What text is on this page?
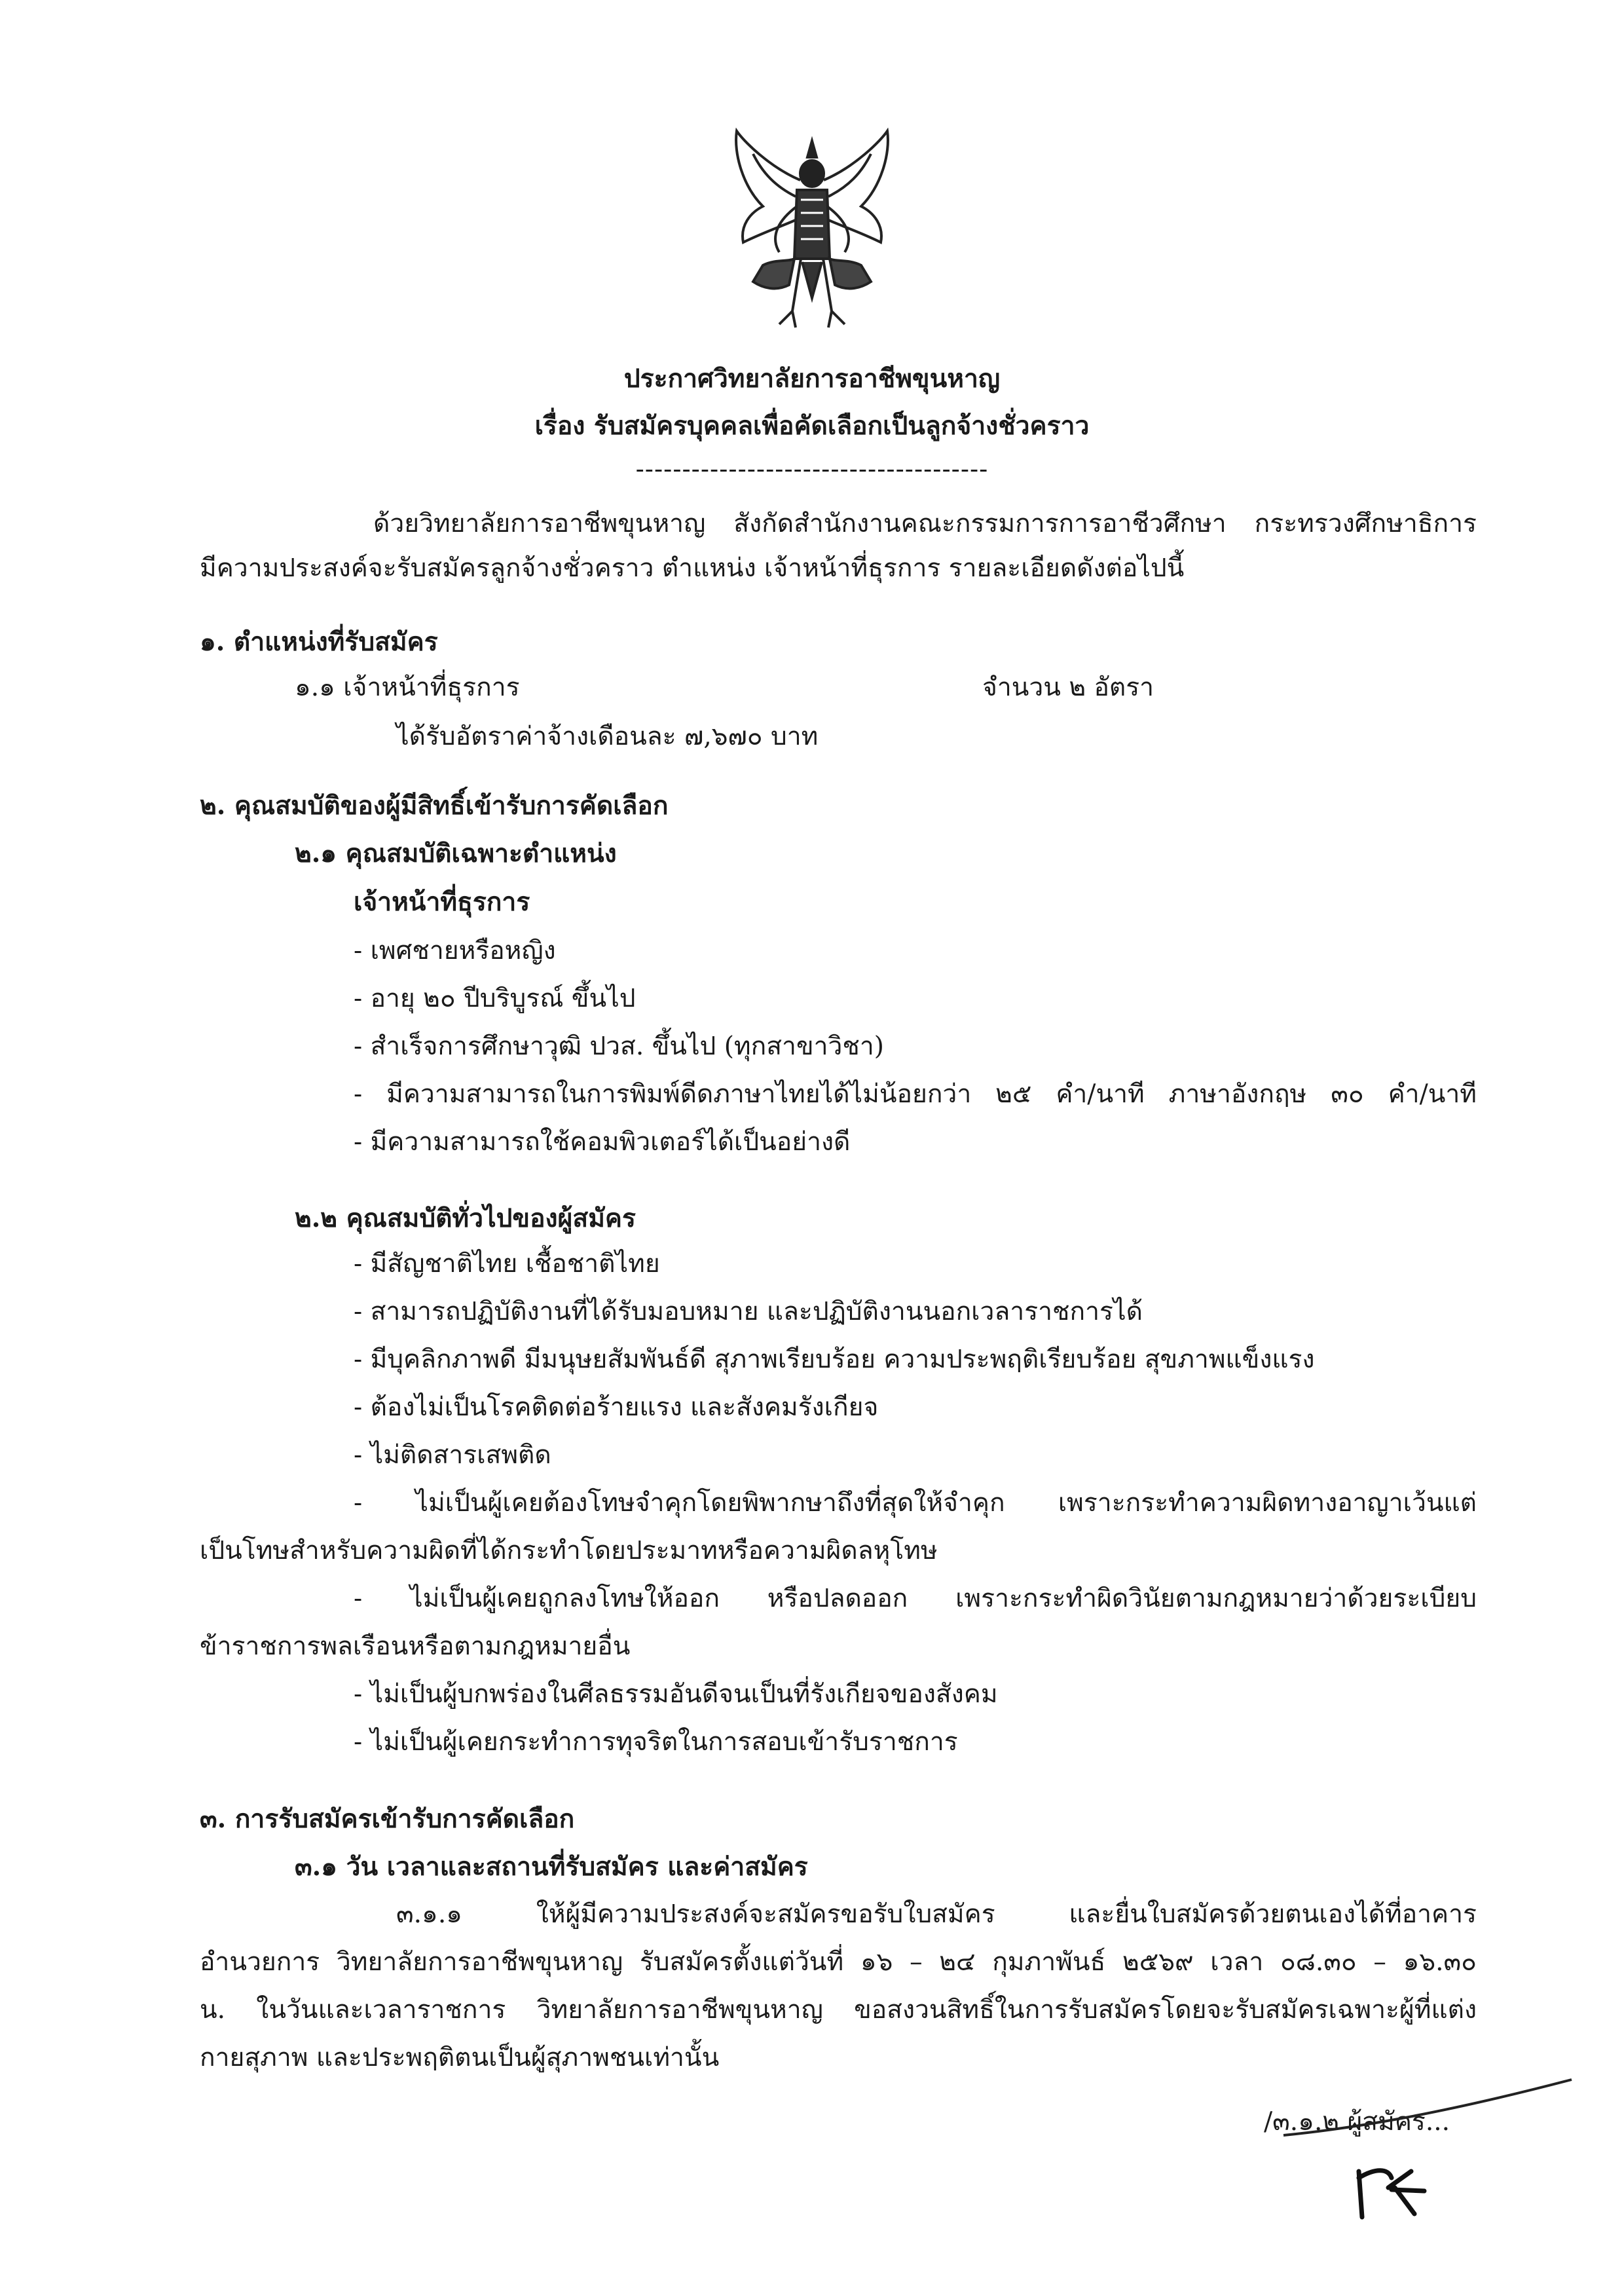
ประกาศวิทยาลัยการอาชีพขุนหาญ
เรื่อง รับสมัครบุคคลเพื่อคัดเลือกเป็นลูกจ้างชั่วคราว
--------------------------------------
ด้วยวิทยาลัยการอาชีพขุนหาญ สังกัดสำนักงานคณะกรรมการการอาชีวศึกษา กระทรวงศึกษาธิการ
มีความประสงค์จะรับสมัครลูกจ้างชั่วคราว ตำแหน่ง เจ้าหน้าที่ธุรการ รายละเอียดดังต่อไปนี้
๑. ตำแหน่งที่รับสมัคร
๑.๑ เจ้าหน้าที่ธุรการ	จำนวน ๒ อัตรา
ได้รับอัตราค่าจ้างเดือนละ ๗,๖๗๐ บาท
๒. คุณสมบัติของผู้มีสิทธิ์เข้ารับการคัดเลือก
๒.๑ คุณสมบัติเฉพาะตำแหน่ง
เจ้าหน้าที่ธุรการ
- เพศชายหรือหญิง
- อายุ ๒๐ ปีบริบูรณ์ ขึ้นไป
- สำเร็จการศึกษาวุฒิ ปวส. ขึ้นไป (ทุกสาขาวิชา)
- มีความสามารถในการพิมพ์ดีดภาษาไทยได้ไม่น้อยกว่า ๒๕ คำ/นาที ภาษาอังกฤษ ๓๐ คำ/นาที
- มีความสามารถใช้คอมพิวเตอร์ได้เป็นอย่างดี
๒.๒ คุณสมบัติทั่วไปของผู้สมัคร
- มีสัญชาติไทย เชื้อชาติไทย
- สามารถปฏิบัติงานที่ได้รับมอบหมาย และปฏิบัติงานนอกเวลาราชการได้
- มีบุคลิกภาพดี มีมนุษยสัมพันธ์ดี สุภาพเรียบร้อย ความประพฤติเรียบร้อย สุขภาพแข็งแรง
- ต้องไม่เป็นโรคติดต่อร้ายแรง และสังคมรังเกียจ
- ไม่ติดสารเสพติด
- ไม่เป็นผู้เคยต้องโทษจำคุกโดยพิพากษาถึงที่สุดให้จำคุก เพราะกระทำความผิดทางอาญาเว้นแต่
เป็นโทษสำหรับความผิดที่ได้กระทำโดยประมาทหรือความผิดลหุโทษ
- ไม่เป็นผู้เคยถูกลงโทษให้ออก หรือปลดออก เพราะกระทำผิดวินัยตามกฎหมายว่าด้วยระเบียบ
ข้าราชการพลเรือนหรือตามกฎหมายอื่น
- ไม่เป็นผู้บกพร่องในศีลธรรมอันดีจนเป็นที่รังเกียจของสังคม
- ไม่เป็นผู้เคยกระทำการทุจริตในการสอบเข้ารับราชการ
๓. การรับสมัครเข้ารับการคัดเลือก
๓.๑ วัน เวลาและสถานที่รับสมัคร และค่าสมัคร
๓.๑.๑ ให้ผู้มีความประสงค์จะสมัครขอรับใบสมัคร และยื่นใบสมัครด้วยตนเองได้ที่อาคาร
อำนวยการ วิทยาลัยการอาชีพขุนหาญ รับสมัครตั้งแต่วันที่ ๑๖ – ๒๔ กุมภาพันธ์ ๒๕๖๙ เวลา ๐๘.๓๐ – ๑๖.๓๐
น. ในวันและเวลาราชการ วิทยาลัยการอาชีพขุนหาญ ขอสงวนสิทธิ์ในการรับสมัครโดยจะรับสมัครเฉพาะผู้ที่แต่ง
กายสุภาพ และประพฤติตนเป็นผู้สุภาพชนเท่านั้น
/๓.๑.๒ ผู้สมัคร...
